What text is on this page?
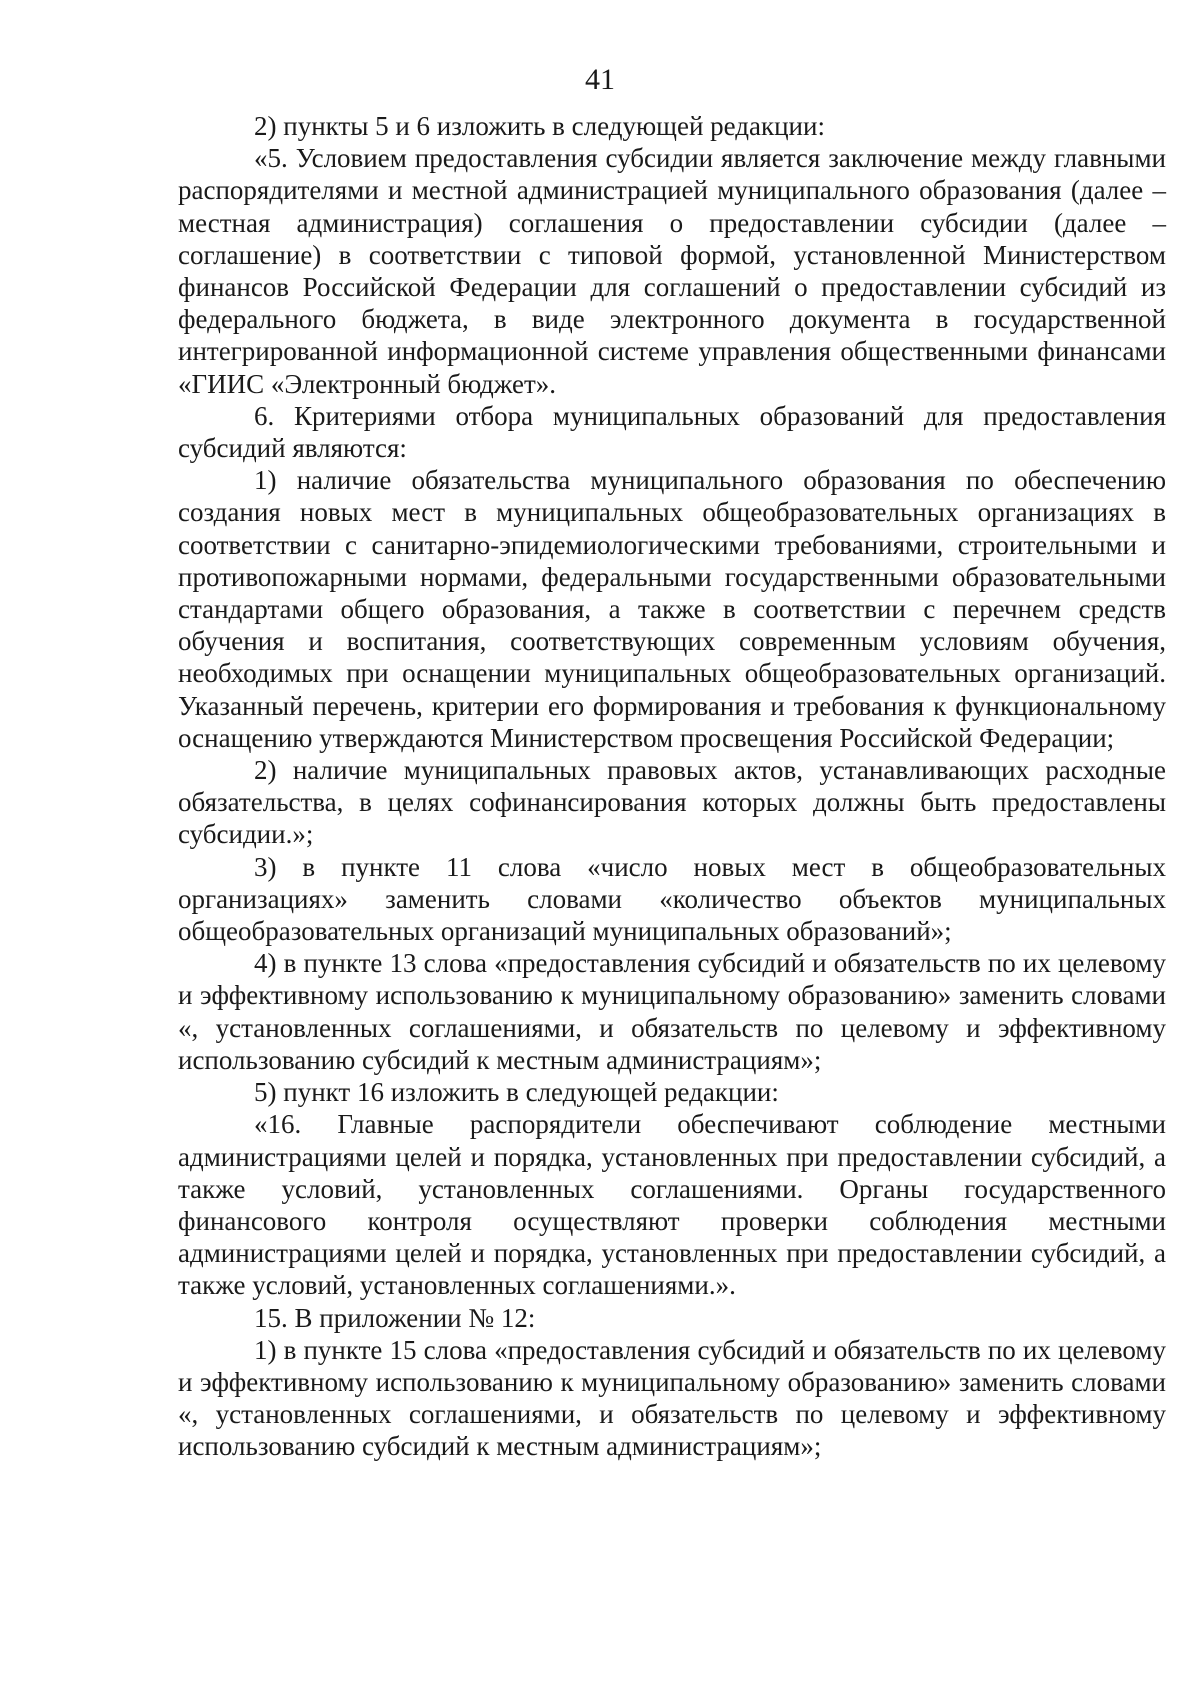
41

2) пункты 5 и 6 изложить в следующей редакции:

«5. Условием предоставления субсидии является заключение между главными распорядителями и местной администрацией муниципального образования (далее – местная администрация) соглашения о предоставлении субсидии (далее – соглашение) в соответствии с типовой формой, установленной Министерством финансов Российской Федерации для соглашений о предоставлении субсидий из федерального бюджета, в виде электронного документа в государственной интегрированной информационной системе управления общественными финансами «ГИИС «Электронный бюджет».

6. Критериями отбора муниципальных образований для предоставления субсидий являются:

1) наличие обязательства муниципального образования по обеспечению создания новых мест в муниципальных общеобразовательных организациях в соответствии с санитарно-эпидемиологическими требованиями, строительными и противопожарными нормами, федеральными государственными образовательными стандартами общего образования, а также в соответствии с перечнем средств обучения и воспитания, соответствующих современным условиям обучения, необходимых при оснащении муниципальных общеобразовательных организаций. Указанный перечень, критерии его формирования и требования к функциональному оснащению утверждаются Министерством просвещения Российской Федерации;

2) наличие муниципальных правовых актов, устанавливающих расходные обязательства, в целях софинансирования которых должны быть предоставлены субсидии.»;

3) в пункте 11 слова «число новых мест в общеобразовательных организациях» заменить словами «количество объектов муниципальных общеобразовательных организаций муниципальных образований»;

4) в пункте 13 слова «предоставления субсидий и обязательств по их целевому и эффективному использованию к муниципальному образованию» заменить словами «, установленных соглашениями, и обязательств по целевому и эффективному использованию субсидий к местным администрациям»;

5) пункт 16 изложить в следующей редакции:

«16. Главные распорядители обеспечивают соблюдение местными администрациями целей и порядка, установленных при предоставлении субсидий, а также условий, установленных соглашениями. Органы государственного финансового контроля осуществляют проверки соблюдения местными администрациями целей и порядка, установленных при предоставлении субсидий, а также условий, установленных соглашениями.».

15. В приложении № 12:

1) в пункте 15 слова «предоставления субсидий и обязательств по их целевому и эффективному использованию к муниципальному образованию» заменить словами «, установленных соглашениями, и обязательств по целевому и эффективному использованию субсидий к местным администрациям»;
